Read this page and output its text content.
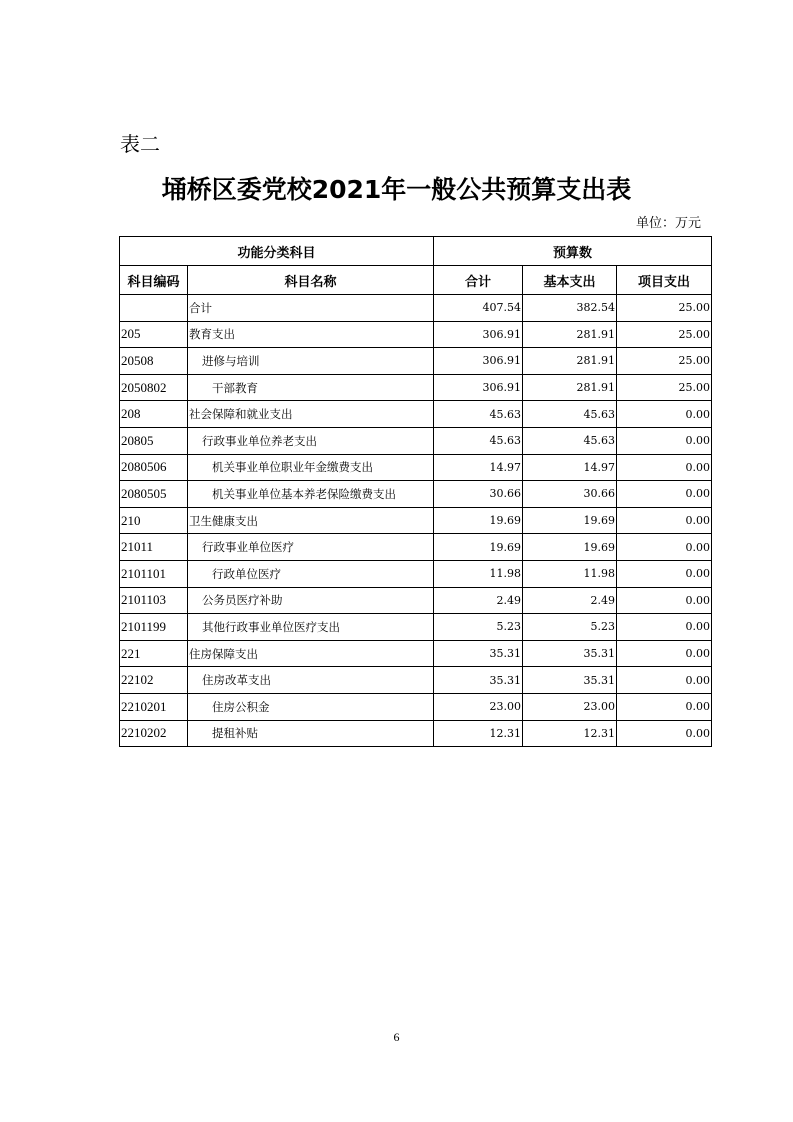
表二
埇桥区委党校2021年一般公共预算支出表
单位：万元
功能分类科目		预算数		
科目编码	科目名称	合计	基本支出	项目支出
	合计	407.54	382.54	25.00
205	教育支出	306.91	281.91	25.00
20508	进修与培训	306.91	281.91	25.00
2050802	干部教育	306.91	281.91	25.00
208	社会保障和就业支出	45.63	45.63	0.00
20805	行政事业单位养老支出	45.63	45.63	0.00
2080506	机关事业单位职业年金缴费支出	14.97	14.97	0.00
2080505	机关事业单位基本养老保险缴费支出	30.66	30.66	0.00
210	卫生健康支出	19.69	19.69	0.00
21011	行政事业单位医疗	19.69	19.69	0.00
2101101	行政单位医疗	11.98	11.98	0.00
2101103	公务员医疗补助	2.49	2.49	0.00
2101199	其他行政事业单位医疗支出	5.23	5.23	0.00
221	住房保障支出	35.31	35.31	0.00
22102	住房改革支出	35.31	35.31	0.00
2210201	住房公积金	23.00	23.00	0.00
2210202	提租补贴	12.31	12.31	0.00
6
